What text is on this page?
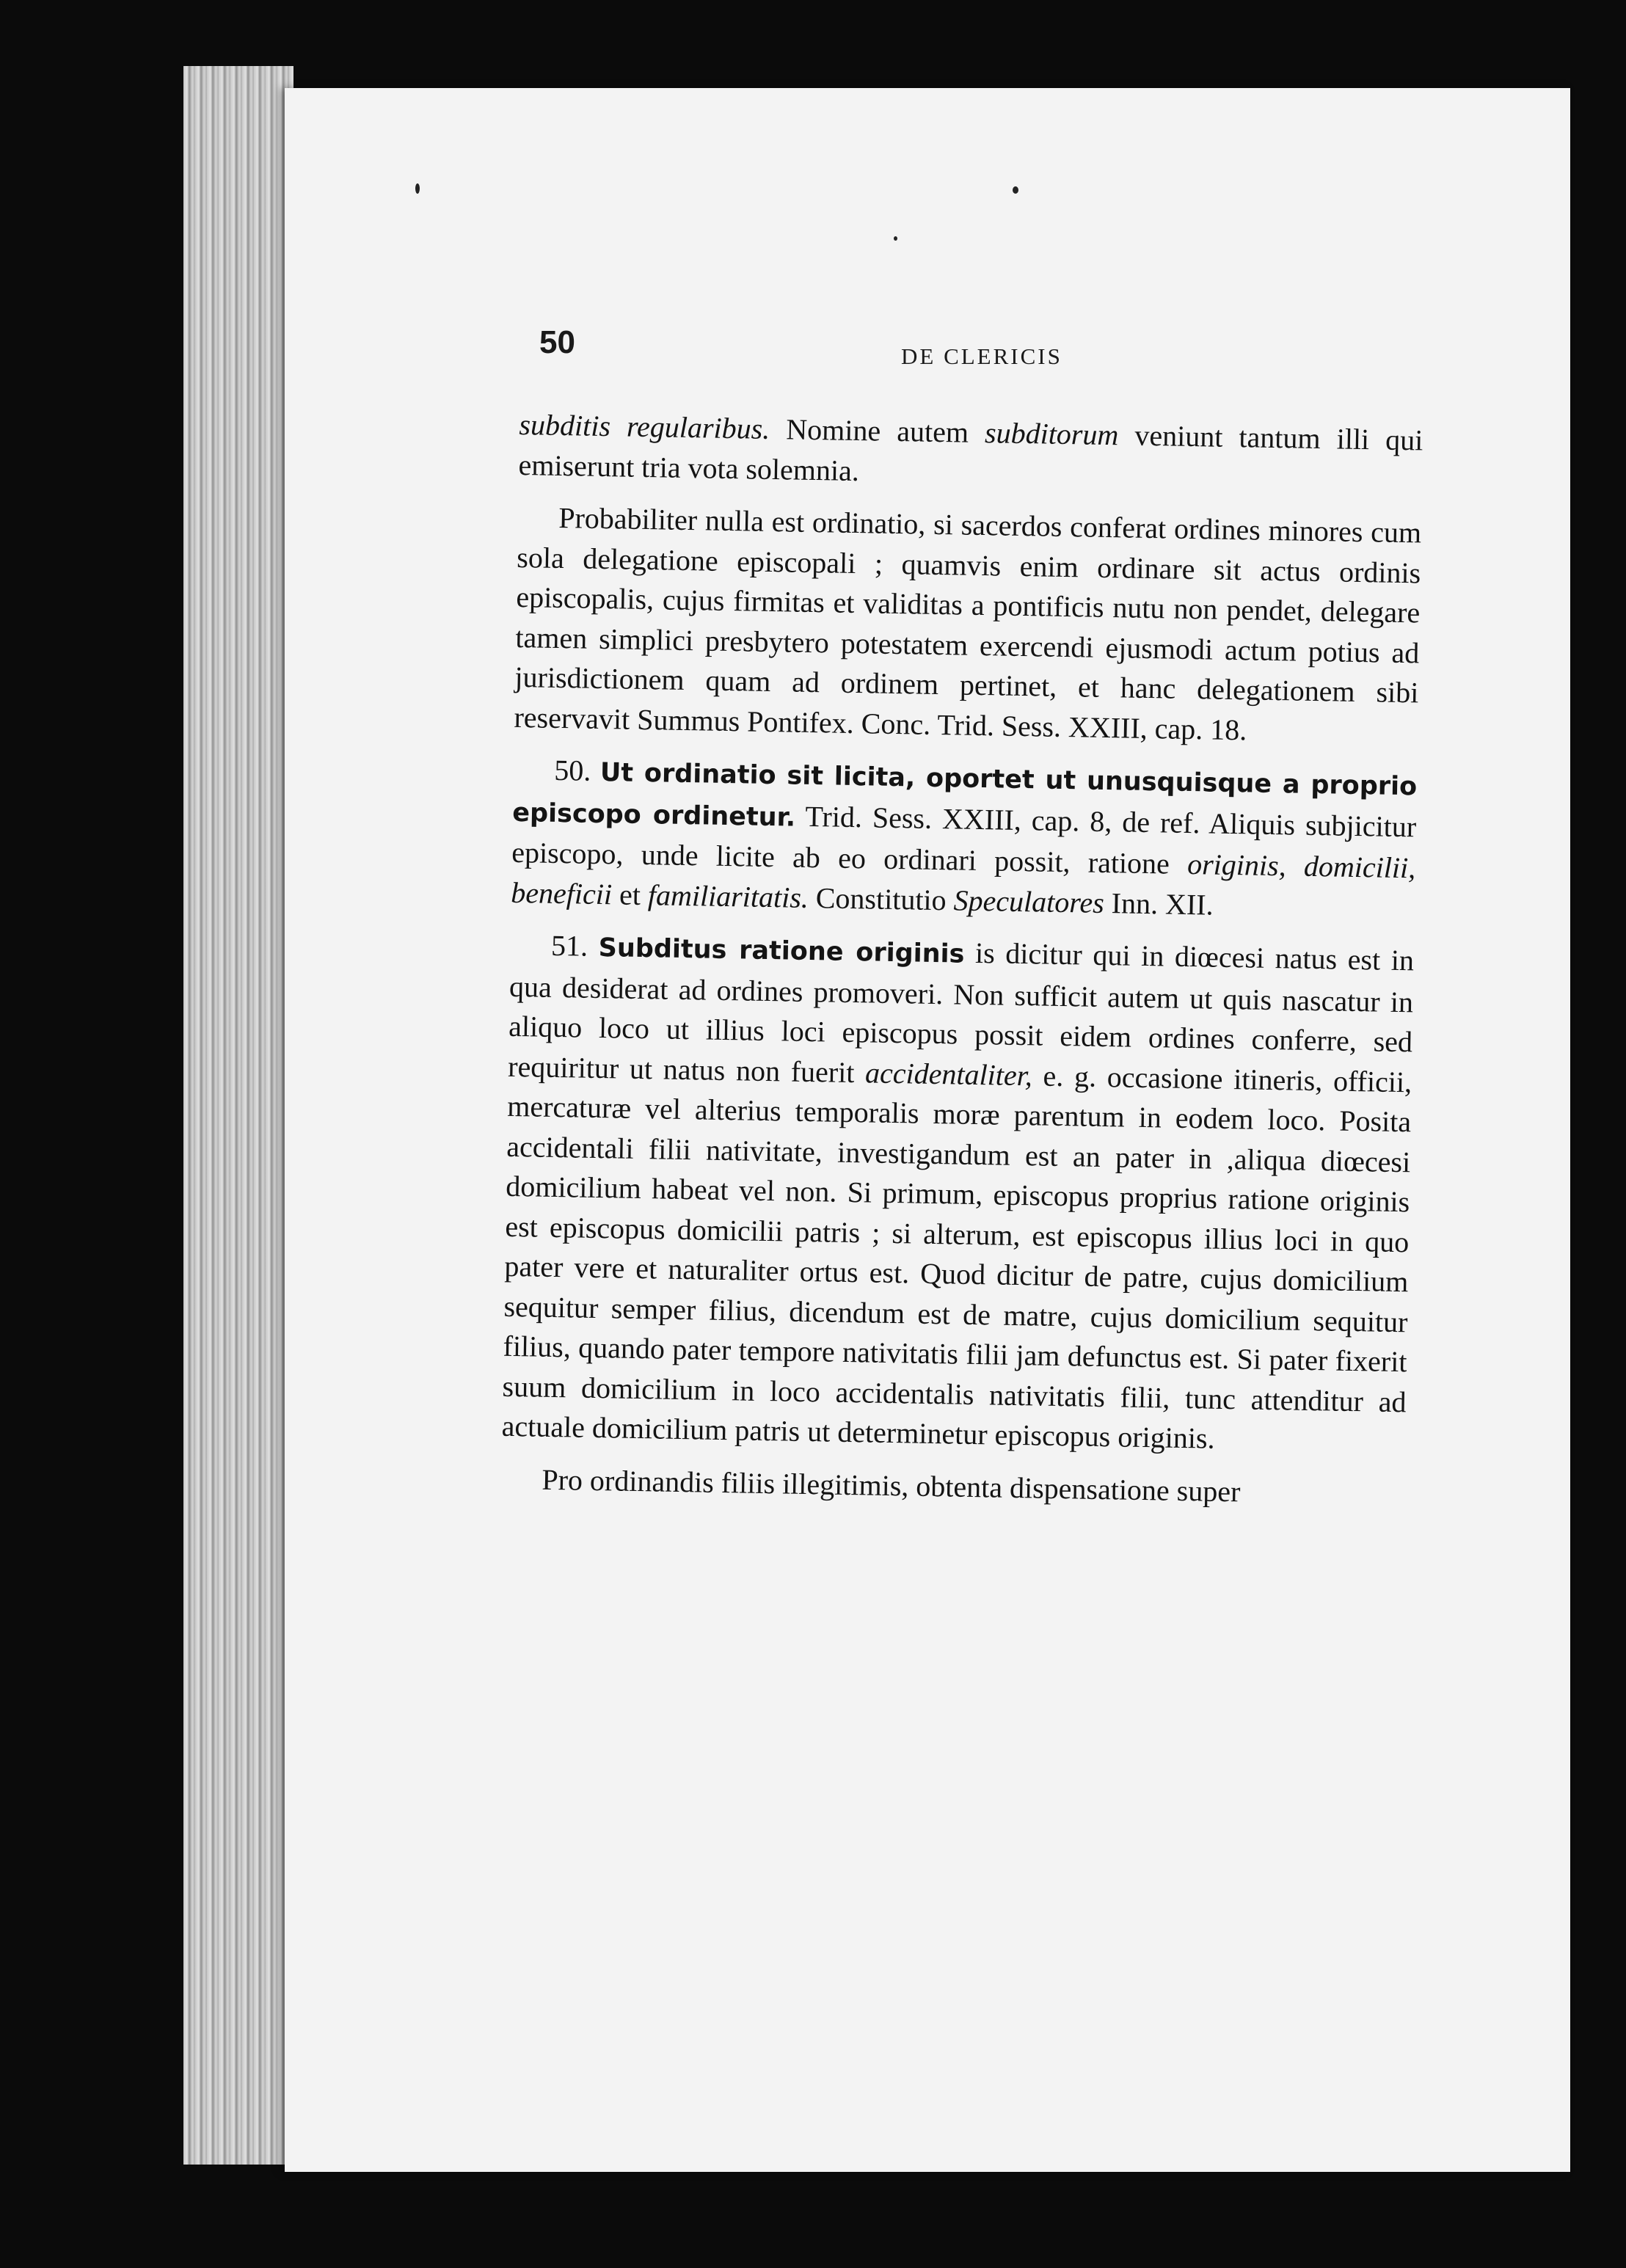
50	DE CLERICIS

subditis regularibus. Nomine autem subditorum veniunt tantum illi qui emiserunt tria vota solemnia.

Probabiliter nulla est ordinatio, si sacerdos conferat ordines minores cum sola delegatione episcopali ; quamvis enim ordinare sit actus ordinis episcopalis, cujus firmitas et validitas a pontificis nutu non pendet, delegare tamen simplici presbytero potestatem exercendi ejusmodi actum potius ad jurisdictionem quam ad ordinem pertinet, et hanc delegationem sibi reservavit Summus Pontifex. Conc. Trid. Sess. XXIII, cap. 18.

50. Ut ordinatio sit licita, oportet ut unusquisque a proprio episcopo ordinetur. Trid. Sess. XXIII, cap. 8, de ref. Aliquis subjicitur episcopo, unde licite ab eo ordinari possit, ratione originis, domicilii, beneficii et familiaritatis. Constitutio Speculatores Inn. XII.

51. Subditus ratione originis is dicitur qui in diœcesi natus est in qua desiderat ad ordines promoveri. Non sufficit autem ut quis nascatur in aliquo loco ut illius loci episcopus possit eidem ordines conferre, sed requiritur ut natus non fuerit accidentaliter, e. g. occasione itineris, officii, mercaturæ vel alterius temporalis moræ parentum in eodem loco. Posita accidentali filii nativitate, investigandum est an pater in ,aliqua diœcesi domicilium habeat vel non. Si primum, episcopus proprius ratione originis est episcopus domicilii patris ; si alterum, est episcopus illius loci in quo pater vere et naturaliter ortus est. Quod dicitur de patre, cujus domicilium sequitur semper filius, dicendum est de matre, cujus domicilium sequitur filius, quando pater tempore nativitatis filii jam defunctus est. Si pater fixerit suum domicilium in loco accidentalis nativitatis filii, tunc attenditur ad actuale domicilium patris ut determinetur episcopus originis.

Pro ordinandis filiis illegitimis, obtenta dispensatione super
